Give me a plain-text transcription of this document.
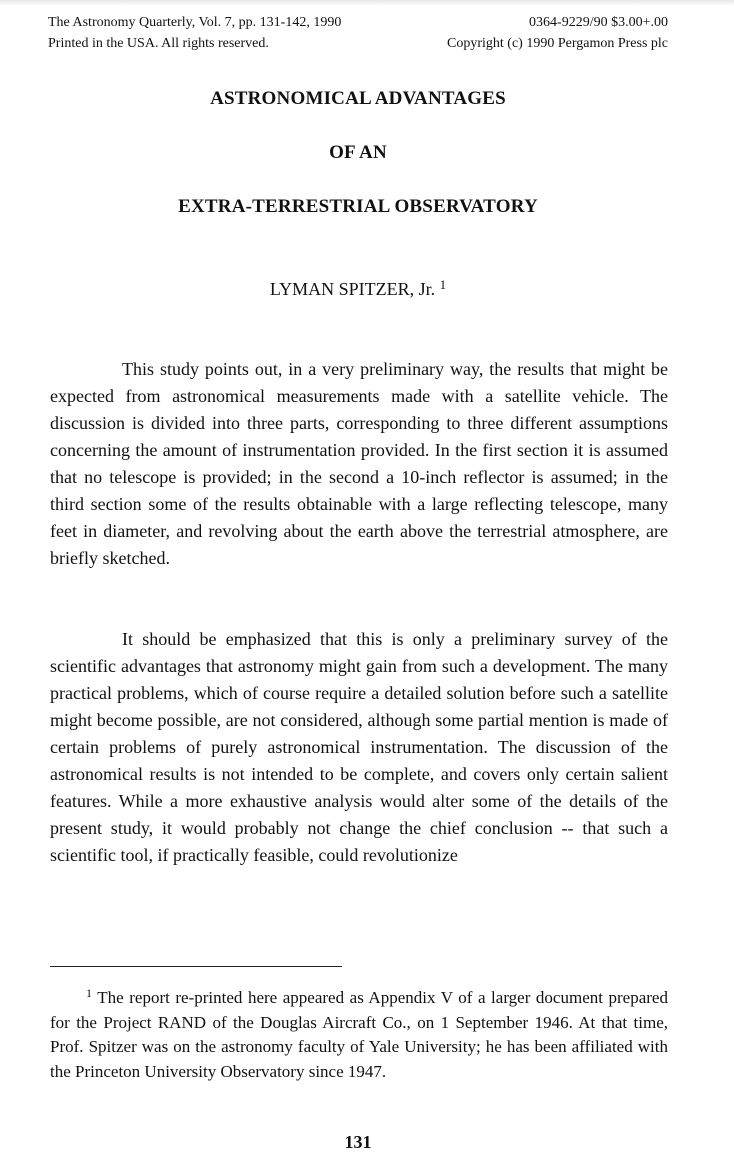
The Astronomy Quarterly, Vol. 7, pp. 131-142, 1990
Printed in the USA. All rights reserved.
0364-9229/90 $3.00+.00
Copyright (c) 1990 Pergamon Press plc
ASTRONOMICAL ADVANTAGES
OF AN
EXTRA-TERRESTRIAL OBSERVATORY
LYMAN SPITZER, Jr. $^1$

This study points out, in a very preliminary way, the results that might be expected from astronomical measurements made with a satellite vehicle. The discussion is divided into three parts, corresponding to three different assumptions concerning the amount of instrumentation provided. In the first section it is assumed that no telescope is provided; in the second a 10-inch reflector is assumed; in the third section some of the results obtainable with a large reflecting telescope, many feet in diameter, and revolving about the earth above the terrestrial atmosphere, are briefly sketched.

It should be emphasized that this is only a preliminary survey of the scientific advantages that astronomy might gain from such a development. The many practical problems, which of course require a detailed solution before such a satellite might become possible, are not considered, although some partial mention is made of certain problems of purely astronomical instrumentation. The discussion of the astronomical results is not intended to be complete, and covers only certain salient features. While a more exhaustive analysis would alter some of the details of the present study, it would probably not change the chief conclusion -- that such a scientific tool, if practically feasible, could revolutionize

$^1$ The report re-printed here appeared as Appendix V of a larger document prepared for the Project RAND of the Douglas Aircraft Co., on 1 September 1946. At that time, Prof. Spitzer was on the astronomy faculty of Yale University; he has been affiliated with the Princeton University Observatory since 1947.

131
